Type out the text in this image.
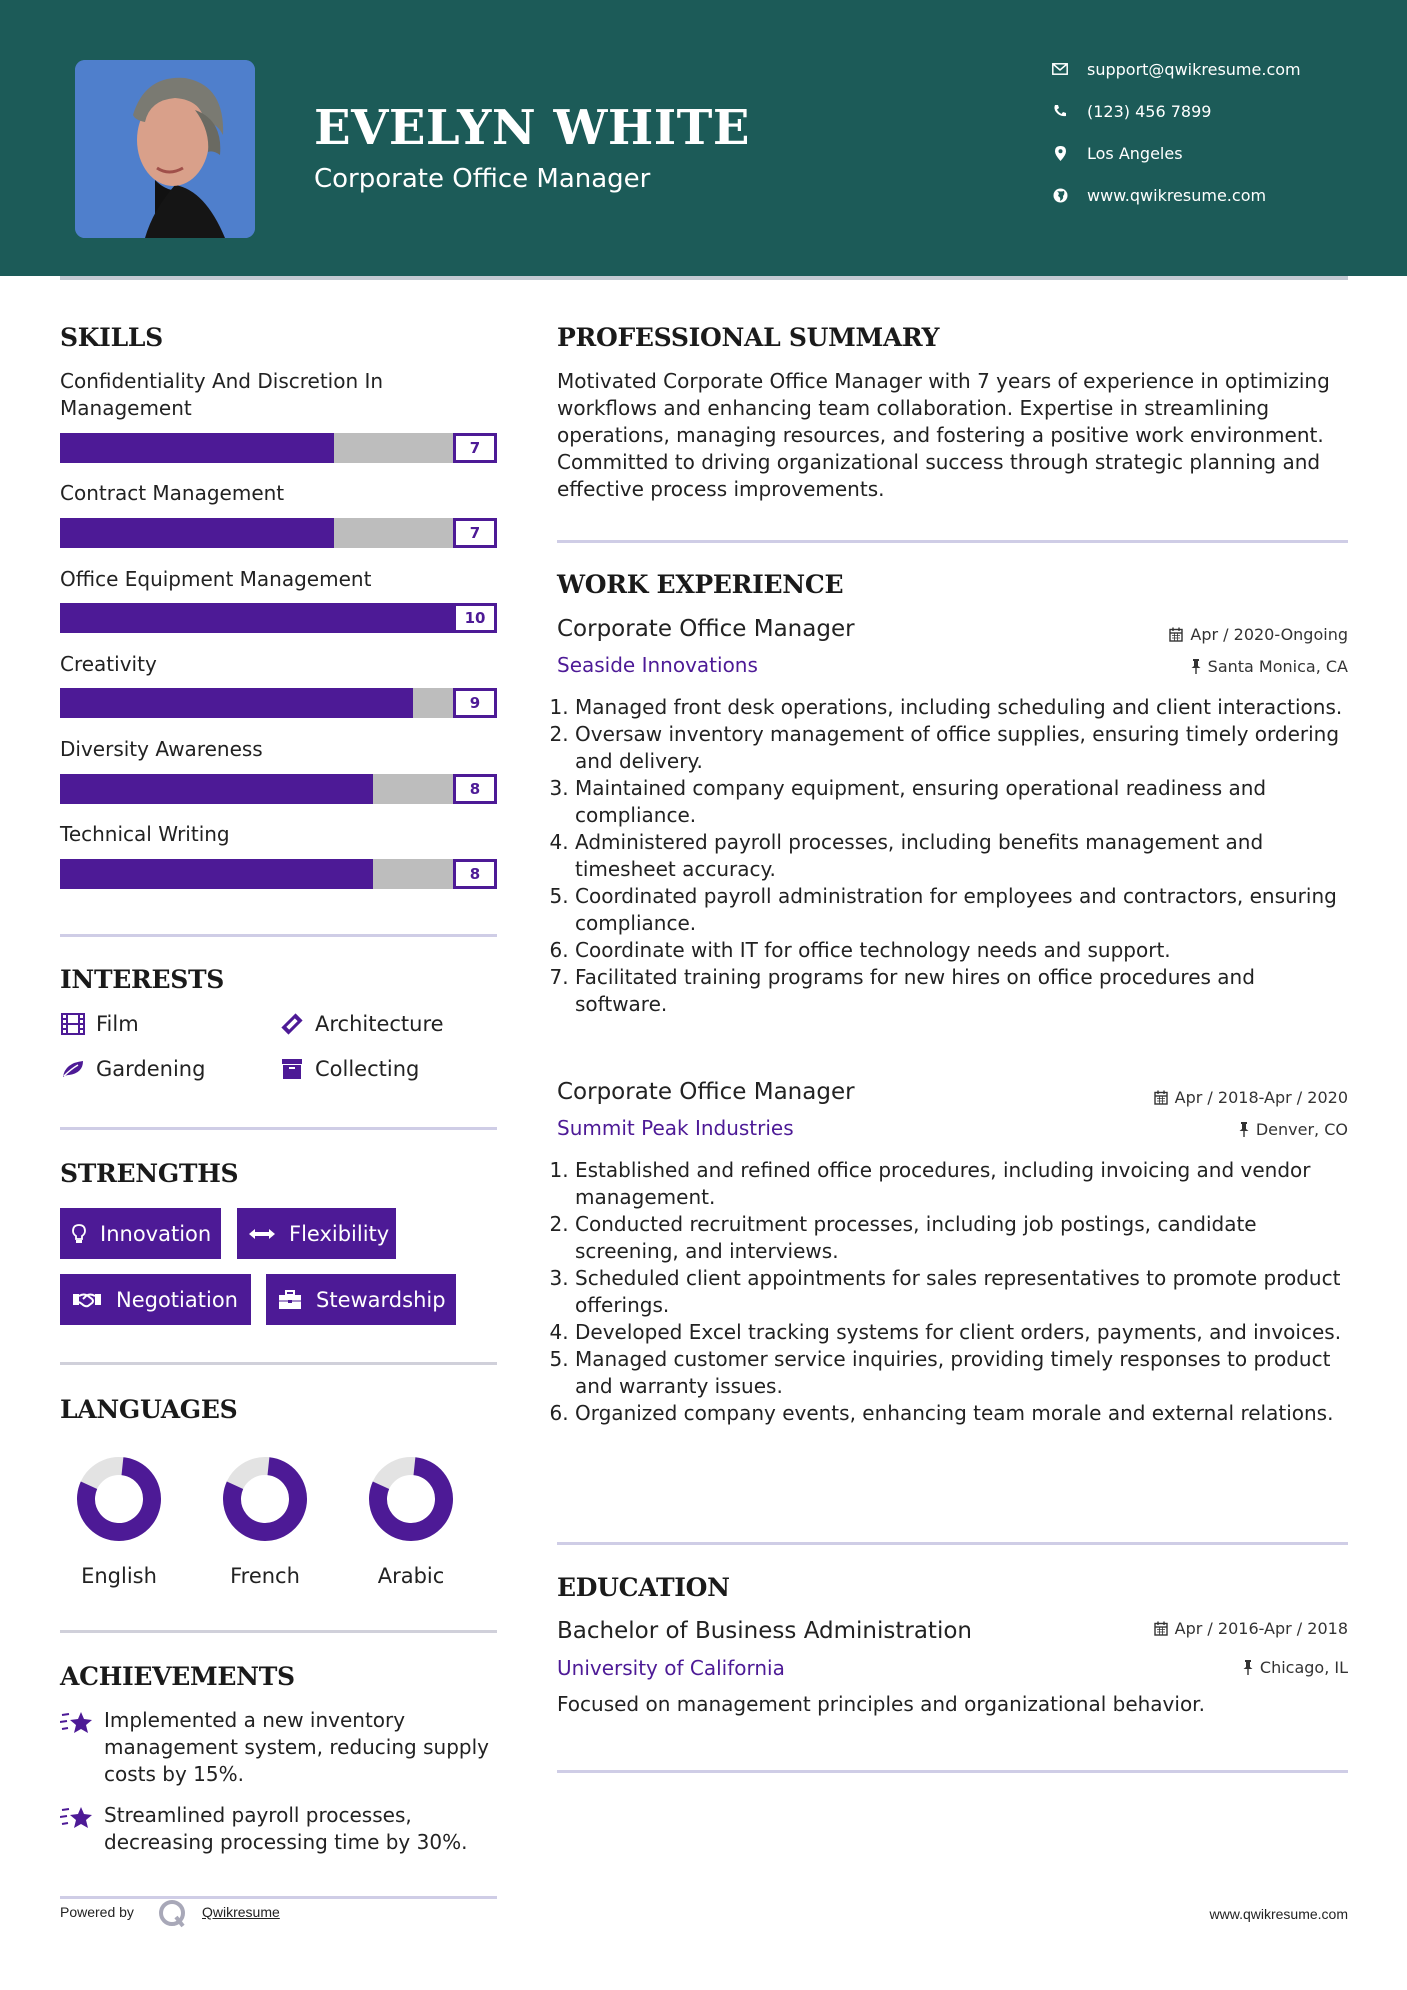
EVELYN WHITE
Corporate Office Manager
support@qwikresume.com
(123) 456 7899
Los Angeles
www.qwikresume.com
SKILLS
Confidentiality And Discretion In Management
7
Contract Management
7
Office Equipment Management
10
Creativity
9
Diversity Awareness
8
Technical Writing
8
INTERESTS
Film	Architecture
Gardening	Collecting
STRENGTHS
Innovation	Flexibility
Negotiation	Stewardship
LANGUAGES
English	French	Arabic
ACHIEVEMENTS
Implemented a new inventory management system, reducing supply costs by 15%.
Streamlined payroll processes, decreasing processing time by 30%.
Powered by	Qwikresume
PROFESSIONAL SUMMARY
Motivated Corporate Office Manager with 7 years of experience in optimizing workflows and enhancing team collaboration. Expertise in streamlining operations, managing resources, and fostering a positive work environment. Committed to driving organizational success through strategic planning and effective process improvements.
WORK EXPERIENCE
Corporate Office Manager	Apr / 2020-Ongoing
Seaside Innovations	Santa Monica, CA
1. Managed front desk operations, including scheduling and client interactions.
2. Oversaw inventory management of office supplies, ensuring timely ordering and delivery.
3. Maintained company equipment, ensuring operational readiness and compliance.
4. Administered payroll processes, including benefits management and timesheet accuracy.
5. Coordinated payroll administration for employees and contractors, ensuring compliance.
6. Coordinate with IT for office technology needs and support.
7. Facilitated training programs for new hires on office procedures and software.
Corporate Office Manager	Apr / 2018-Apr / 2020
Summit Peak Industries	Denver, CO
1. Established and refined office procedures, including invoicing and vendor management.
2. Conducted recruitment processes, including job postings, candidate screening, and interviews.
3. Scheduled client appointments for sales representatives to promote product offerings.
4. Developed Excel tracking systems for client orders, payments, and invoices.
5. Managed customer service inquiries, providing timely responses to product and warranty issues.
6. Organized company events, enhancing team morale and external relations.
EDUCATION
Bachelor of Business Administration	Apr / 2016-Apr / 2018
University of California	Chicago, IL
Focused on management principles and organizational behavior.
www.qwikresume.com
